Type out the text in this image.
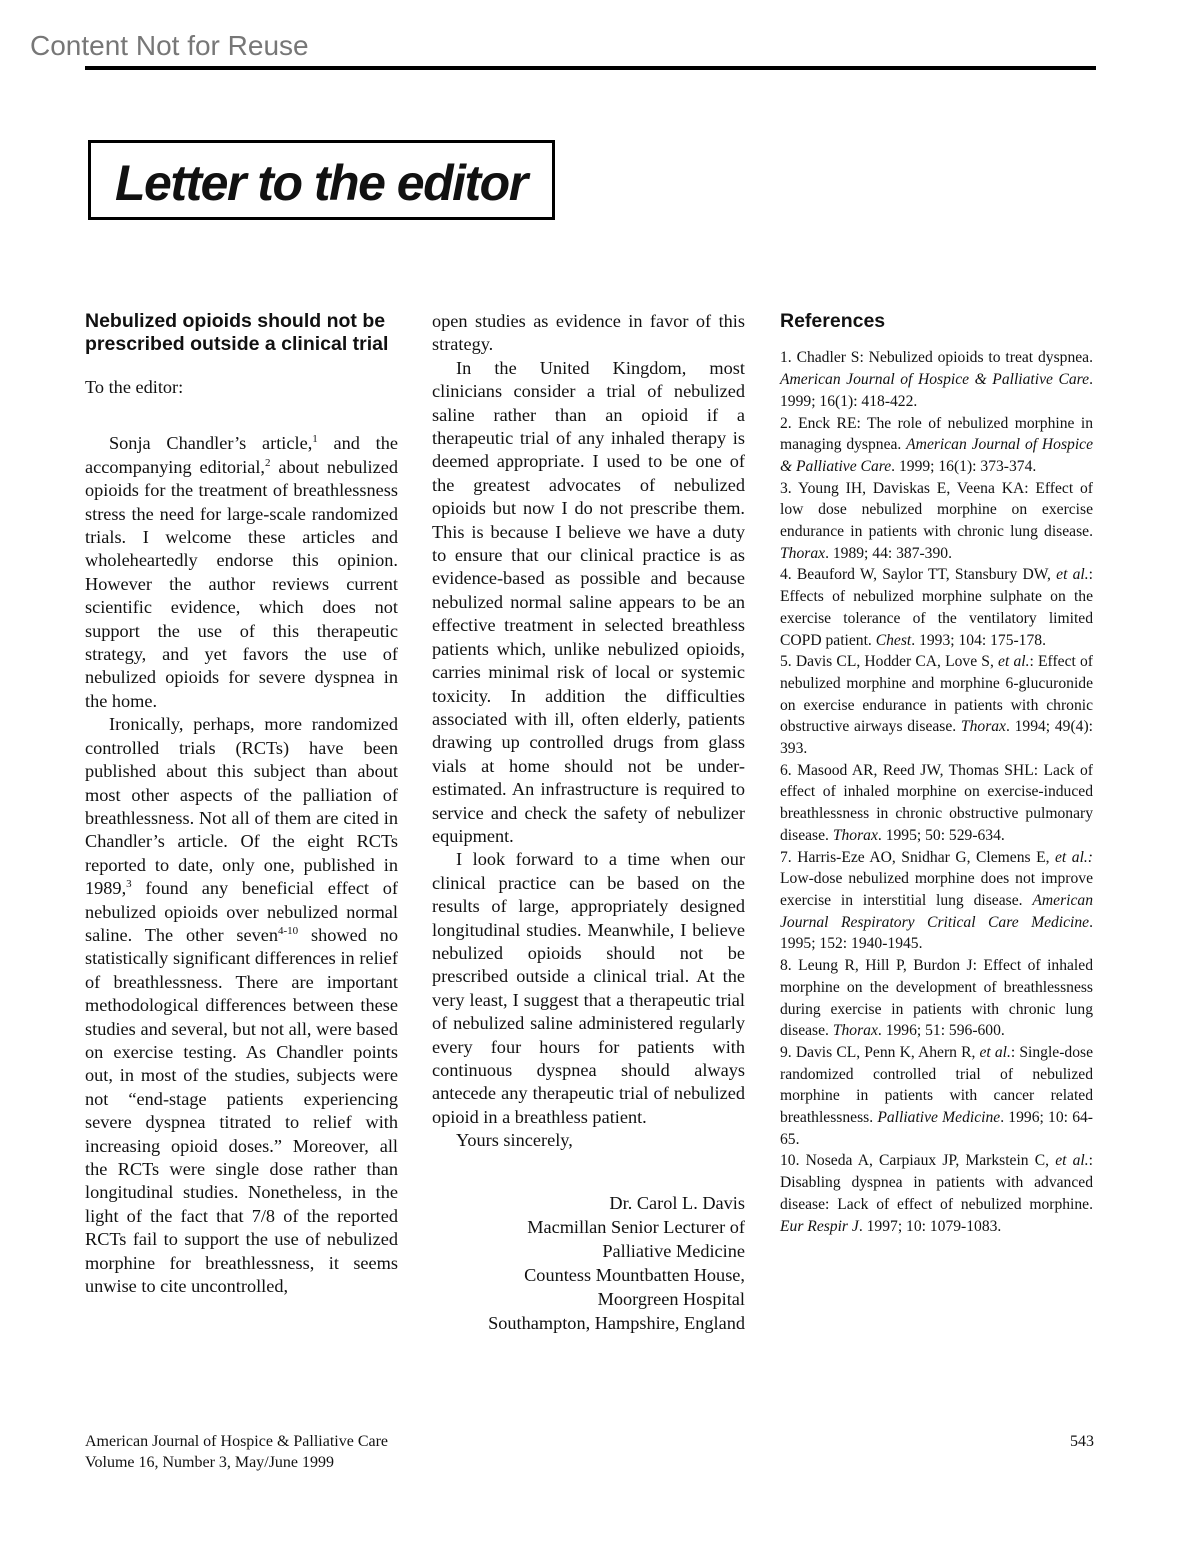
Content Not for Reuse
Letter to the editor
Nebulized opioids should not be prescribed outside a clinical trial
To the editor:

Sonja Chandler’s article,$^1$ and the accompanying editorial,$^2$ about nebulized opioids for the treatment of breathlessness stress the need for large-scale randomized trials. I welcome these articles and wholeheartedly endorse this opinion. However the author reviews current scientific evidence, which does not support the use of this therapeutic strategy, and yet favors the use of nebulized opioids for severe dyspnea in the home.

Ironically, perhaps, more randomized controlled trials (RCTs) have been published about this subject than about most other aspects of the palliation of breathlessness. Not all of them are cited in Chandler’s article. Of the eight RCTs reported to date, only one, published in 1989,$^3$ found any beneficial effect of nebulized opioids over nebulized normal saline. The other seven$^{4-10}$ showed no statistically significant differences in relief of breathlessness. There are important methodological differences between these studies and several, but not all, were based on exercise testing. As Chandler points out, in most of the studies, subjects were not “end-stage patients experiencing severe dyspnea titrated to relief with increasing opioid doses.” Moreover, all the RCTs were single dose rather than longitudinal studies. Nonetheless, in the light of the fact that 7/8 of the reported RCTs fail to support the use of nebulized morphine for breathlessness, it seems unwise to cite uncontrolled,

open studies as evidence in favor of this strategy.

In the United Kingdom, most clinicians consider a trial of nebulized saline rather than an opioid if a therapeutic trial of any inhaled therapy is deemed appropriate. I used to be one of the greatest advocates of nebulized opioids but now I do not prescribe them. This is because I believe we have a duty to ensure that our clinical practice is as evidence-based as possible and because nebulized normal saline appears to be an effective treatment in selected breathless patients which, unlike nebulized opioids, carries minimal risk of local or systemic toxicity. In addition the difficulties associated with ill, often elderly, patients drawing up controlled drugs from glass vials at home should not be under-estimated. An infrastructure is required to service and check the safety of nebulizer equipment.

I look forward to a time when our clinical practice can be based on the results of large, appropriately designed longitudinal studies. Meanwhile, I believe nebulized opioids should not be prescribed outside a clinical trial. At the very least, I suggest that a therapeutic trial of nebulized saline administered regularly every four hours for patients with continuous dyspnea should always antecede any therapeutic trial of nebulized opioid in a breathless patient.

Yours sincerely,

Dr. Carol L. Davis
Macmillan Senior Lecturer of
Palliative Medicine
Countess Mountbatten House,
Moorgreen Hospital
Southampton, Hampshire, England
References
1. Chadler S: Nebulized opioids to treat dyspnea. American Journal of Hospice & Palliative Care. 1999; 16(1): 418-422.
2. Enck RE: The role of nebulized morphine in managing dyspnea. American Journal of Hospice & Palliative Care. 1999; 16(1): 373-374.
3. Young IH, Daviskas E, Veena KA: Effect of low dose nebulized morphine on exercise endurance in patients with chronic lung disease. Thorax. 1989; 44: 387-390.
4. Beauford W, Saylor TT, Stansbury DW, et al.: Effects of nebulized morphine sulphate on the exercise tolerance of the ventilatory limited COPD patient. Chest. 1993; 104: 175-178.
5. Davis CL, Hodder CA, Love S, et al.: Effect of nebulized morphine and morphine 6-glucuronide on exercise endurance in patients with chronic obstructive airways disease. Thorax. 1994; 49(4): 393.
6. Masood AR, Reed JW, Thomas SHL: Lack of effect of inhaled morphine on exercise-induced breathlessness in chronic obstructive pulmonary disease. Thorax. 1995; 50: 529-634.
7. Harris-Eze AO, Snidhar G, Clemens E, et al.: Low-dose nebulized morphine does not improve exercise in interstitial lung disease. American Journal Respiratory Critical Care Medicine. 1995; 152: 1940-1945.
8. Leung R, Hill P, Burdon J: Effect of inhaled morphine on the development of breathlessness during exercise in patients with chronic lung disease. Thorax. 1996; 51: 596-600.
9. Davis CL, Penn K, Ahern R, et al.: Single-dose randomized controlled trial of nebulized morphine in patients with cancer related breathlessness. Palliative Medicine. 1996; 10: 64-65.
10. Noseda A, Carpiaux JP, Markstein C, et al.: Disabling dyspnea in patients with advanced disease: Lack of effect of nebulized morphine. Eur Respir J. 1997; 10: 1079-1083.
American Journal of Hospice & Palliative Care
Volume 16, Number 3, May/June 1999
543
